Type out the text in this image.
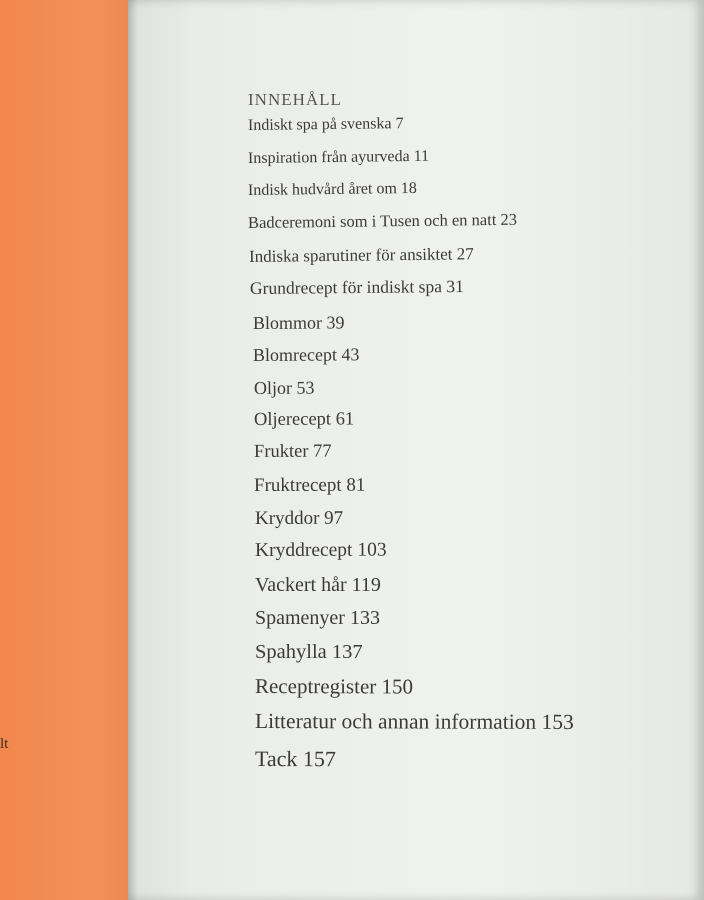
lt
INNEHÅLL
Indiskt spa på svenska 7
Inspiration från ayurveda 11
Indisk hudvård året om 18
Badceremoni som i Tusen och en natt 23
Indiska sparutiner för ansiktet 27
Grundrecept för indiskt spa 31
Blommor 39
Blomrecept 43
Oljor 53
Oljerecept 61
Frukter 77
Fruktrecept 81
Kryddor 97
Kryddrecept 103
Vackert hår 119
Spamenyer 133
Spahylla 137
Receptregister 150
Litteratur och annan information 153
Tack 157
